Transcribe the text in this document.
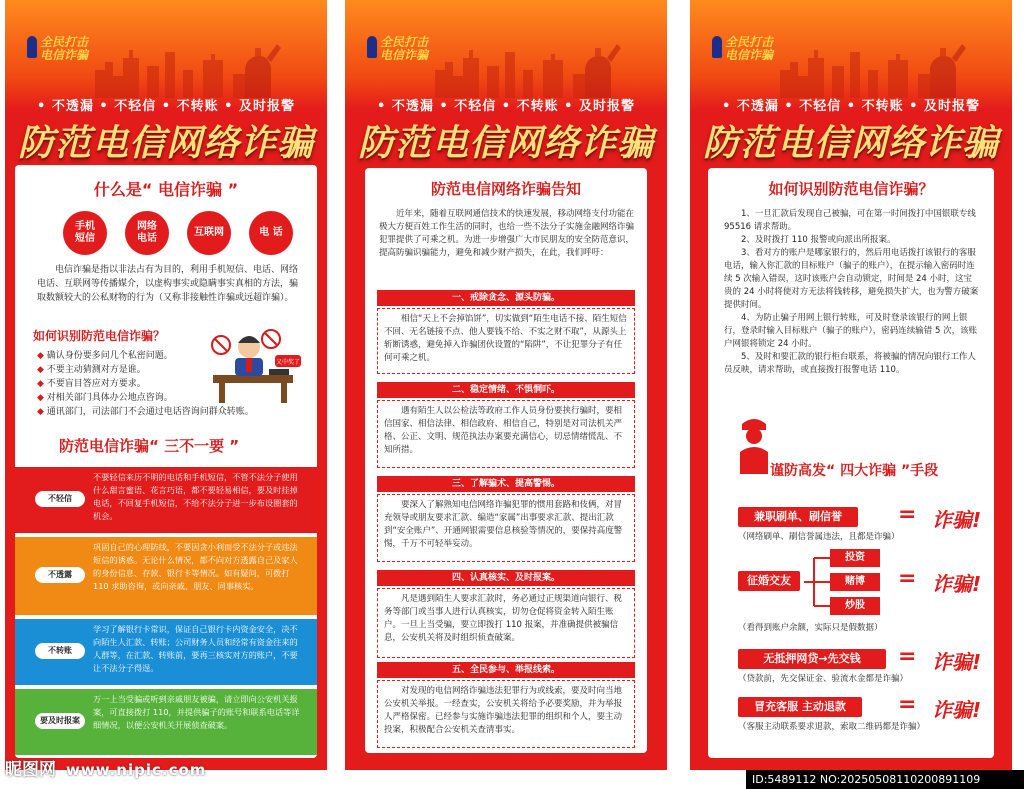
全民打击
电信诈骗
• 不透漏 • 不轻信 • 不转账 • 及时报警
防范电信网络诈骗
什么是“ 电信诈骗 ”
手机
短信
网络
电话
互联网	电 话
电信诈骗是指以非法占有为目的，利用手机短信、电话、网络电话、互联网等传播媒介，以虚构事实或隐瞒事实真相的方法，骗取数额较大的公私财物的行为（又称非接触性诈骗或远超诈骗）。
如何识别防范电信诈骗？
◆ 确认身份要多问几个私密问题。
◆ 不要主动猜测对方是谁。
◆ 不要盲目答应对方要求。
◆ 对相关部门具体办公地点咨询。
◆ 通讯部门，司法部门不会通过电话咨询问群众转账。
又中奖了
防范电信诈骗“ 三不一要 ”
不轻信
不要轻信来历不明的电话和手机短信，不管不法分子使用什么甜言蜜语、花言巧语，都不要轻易相信，要及时挂掉电话，不回复手机短信，不给不法分子进一步布设圈套的机会。
不透露
巩固自己的心理防线，不要因贪小利而受不法分子或违法短信的诱惑。无论什么情况，都不向对方透露自己及家人的身份信息、存款、银行卡等情况。如有疑问，可拨打 110 求助咨询，或向亲戚、朋友、同事核实。
不转账
学习了解银行卡常识，保证自己银行卡内资金安全，决不向陌生人汇款、转账；公司财务人员和经常有资金往来的人群等，在汇款、转账前，要再三核实对方的账户，不要让不法分子得逞。
要及时报案
万一上当受骗或听到亲戚朋友被骗，请立即向公安机关报案，可直接拨打 110，并提供骗子的账号和联系电话等详细情况，以便公安机关开展侦查破案。
全民打击
电信诈骗
• 不透漏 • 不轻信 • 不转账 • 及时报警
防范电信网络诈骗
防范电信网络诈骗告知
近年来，随着互联网通信技术的快速发展，移动网络支付功能在极大方便百姓工作生活的同时，也给一些不法分子实施金融网络诈骗犯罪提供了可乘之机。为进一步增强广大市民朋友的安全防范意识，提高防骗识骗能力，避免和减少财产损失，在此，我们呼吁：
一、戒除贪念、源头防骗。
相信“天上不会掉馅饼”，切实做到“陌生电话不接、陌生短信不回、无名链接不点、他人要钱不给、不实之财不取”，从源头上斩断诱惑，避免掉入诈骗团伙设置的“陷阱”，不让犯罪分子有任何可乘之机。
二、稳定情绪、不惧恫吓。
遇有陌生人以公检法等政府工作人员身份要挟行骗时，要相信国家、相信法律、相信政府、相信自己，特别是对司法机关严格、公正、文明、规范执法办案要充满信心，切忌情绪慌乱、不知所措。
三、了解骗术、提高警惕。
要深入了解熟知电信网络诈骗犯罪的惯用套路和伎俩，对冒充领导或朋友要求汇款、编造“家属”出事要求汇款、提出汇款到“安全账户”、开通网银需要信息核验等情况的，要保持高度警惕，千万不可轻举妄动。
四、认真核实、及时报案。
凡是遇到陌生人要求汇款时，务必通过正规渠道向银行、税务等部门或当事人进行认真核实，切勿仓促将资金转入陌生账户。一旦上当受骗，要立即拨打 110 报案，并准确提供被骗信息，公安机关将及时组织侦查破案。
五、全民参与、举报线索。
对发现的电信网络诈骗违法犯罪行为或线索，要及时向当地公安机关举报。一经查实，公安机关将给予必要奖励，并为举报人严格保密。已经参与实施诈骗违法犯罪的组织和个人，要主动投案，积极配合公安机关查清事实。
全民打击
电信诈骗
• 不透漏 • 不轻信 • 不转账 • 及时报警
防范电信网络诈骗
如何识别防范电信诈骗？
1、一旦汇款后发现自己被骗，可在第一时间拨打中国银联专线 95516 请求帮助。
2、及时拨打 110 报警或向派出所报案。
3、看对方的账户是哪家银行的，然后用电话拨打该银行的客服电话，输入你汇款的目标账户（骗子的账户），在提示输入密码时连续 5 次输入错误，这时该账户会自动锁定，时间是 24 小时，这宝贵的 24 小时将使对方无法将钱转移，避免损失扩大，也为警方破案提供时间。
4、为防止骗子用网上银行转账，可及时登录该银行的网上银行，登录时输入目标账户（骗子的账户），密码连续输错 5 次，该账户网银将锁定 24 小时。
5、及时和要汇款的银行柜台联系，将被骗的情况向银行工作人员反映，请求帮助，或直接拨打报警电话 110。
谨防高发“ 四大诈骗 ”手段
兼职刷单、刷信誉	= 诈骗!
（网络刷单、刷信誉属违法，且都是诈骗）
征婚交友
投资
赌博
炒股
= 诈骗!
（看得到账户余额，实际只是假数据）
无抵押网贷→先交钱	= 诈骗!
（贷款前，先交保证金、验流水金都是诈骗）
冒充客服 主动退款	= 诈骗!
（客服主动联系要求退款，索取二维码都是诈骗）
昵图网 www.nipic.com
ID:5489112 NO:20250508110200891109
